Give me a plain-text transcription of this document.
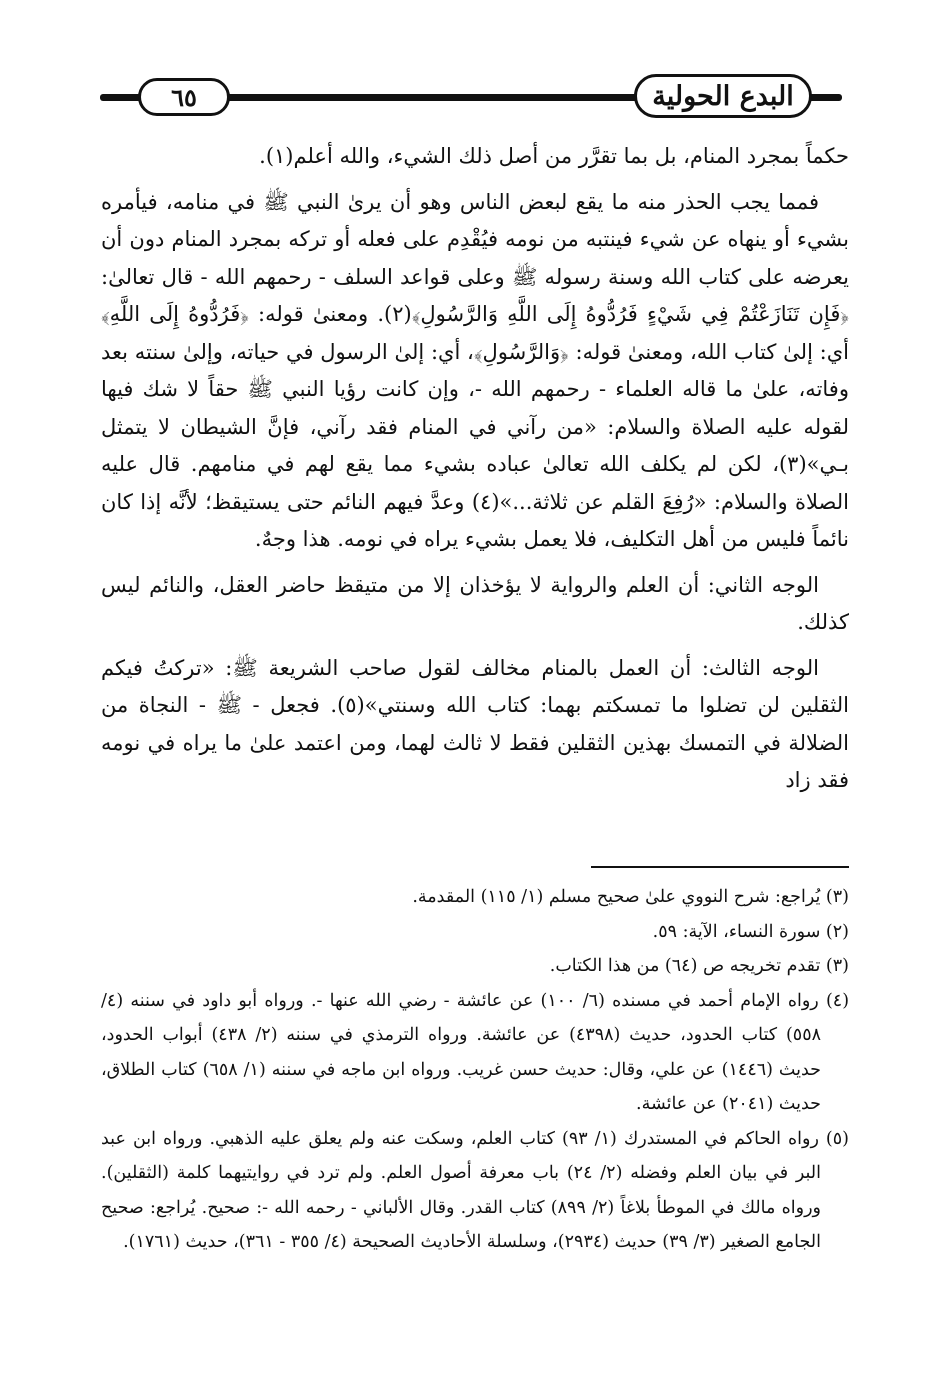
البدع الحولية
٦٥

حكماً بمجرد المنام، بل بما تقرَّر من أصل ذلك الشيء، والله أعلم(١).

فمما يجب الحذر منه ما يقع لبعض الناس وهو أن يرىٰ النبي ﷺ في منامه، فيأمره بشيء أو ينهاه عن شيء فينتبه من نومه فيُقْدِم على فعله أو تركه بمجرد المنام دون أن يعرضه على كتاب الله وسنة رسوله ﷺ وعلى قواعد السلف - رحمهم الله - قال تعالىٰ: ﴿فَإِن تَنَازَعْتُمْ فِي شَيْءٍ فَرُدُّوهُ إِلَى اللَّهِ وَالرَّسُولِ﴾(٢). ومعنىٰ قوله: ﴿فَرُدُّوهُ إِلَى اللَّهِ﴾ أي: إلىٰ كتاب الله، ومعنىٰ قوله: ﴿وَالرَّسُولِ﴾، أي: إلىٰ الرسول في حياته، وإلىٰ سنته بعد وفاته، علىٰ ما قاله العلماء - رحمهم الله -، وإن كانت رؤيا النبي ﷺ حقاً لا شك فيها لقوله عليه الصلاة والسلام: «من رآني في المنام فقد رآني، فإنَّ الشيطان لا يتمثل بـي»(٣)، لكن لم يكلف الله تعالىٰ عباده بشيء مما يقع لهم في منامهم. قال عليه الصلاة والسلام: «رُفِعَ القلم عن ثلاثة...»(٤) وعدَّ فيهم النائم حتى يستيقظ؛ لأنَّه إذا كان نائماً فليس من أهل التكليف، فلا يعمل بشيء يراه في نومه. هذا وجهٌ.

الوجه الثاني: أن العلم والرواية لا يؤخذان إلا من متيقظ حاضر العقل، والنائم ليس كذلك.

الوجه الثالث: أن العمل بالمنام مخالف لقول صاحب الشريعة ﷺ: «تركتُ فيكم الثقلين لن تضلوا ما تمسكتم بهما: كتاب الله وسنتي»(٥). فجعل - ﷺ - النجاة من الضلالة في التمسك بهذين الثقلين فقط لا ثالث لهما، ومن اعتمد علىٰ ما يراه في نومه فقد زاد

(٣) يُراجع: شرح النووي علىٰ صحيح مسلم (١/ ١١٥) المقدمة.

(٢) سورة النساء، الآية: ٥٩.

(٣) تقدم تخريجه ص (٦٤) من هذا الكتاب.

(٤) رواه الإمام أحمد في مسنده (٦/ ١٠٠) عن عائشة - رضي الله عنها -. ورواه أبو داود في سننه (٤/ ٥٥٨) كتاب الحدود، حديث (٤٣٩٨) عن عائشة. ورواه الترمذي في سننه (٢/ ٤٣٨) أبواب الحدود، حديث (١٤٤٦) عن علي، وقال: حديث حسن غريب. ورواه ابن ماجه في سننه (١/ ٦٥٨) كتاب الطلاق، حديث (٢٠٤١) عن عائشة.

(٥) رواه الحاكم في المستدرك (١/ ٩٣) كتاب العلم، وسكت عنه ولم يعلق عليه الذهبي. ورواه ابن عبد البر في بيان العلم وفضله (٢/ ٢٤) باب معرفة أصول العلم. ولم ترد في روايتيهما كلمة (الثقلين). ورواه مالك في الموطأ بلاغاً (٢/ ٨٩٩) كتاب القدر. وقال الألباني - رحمه الله -: صحيح. يُراجع: صحيح الجامع الصغير (٣/ ٣٩) حديث (٢٩٣٤)، وسلسلة الأحاديث الصحيحة (٤/ ٣٥٥ - ٣٦١)، حديث (١٧٦١).
